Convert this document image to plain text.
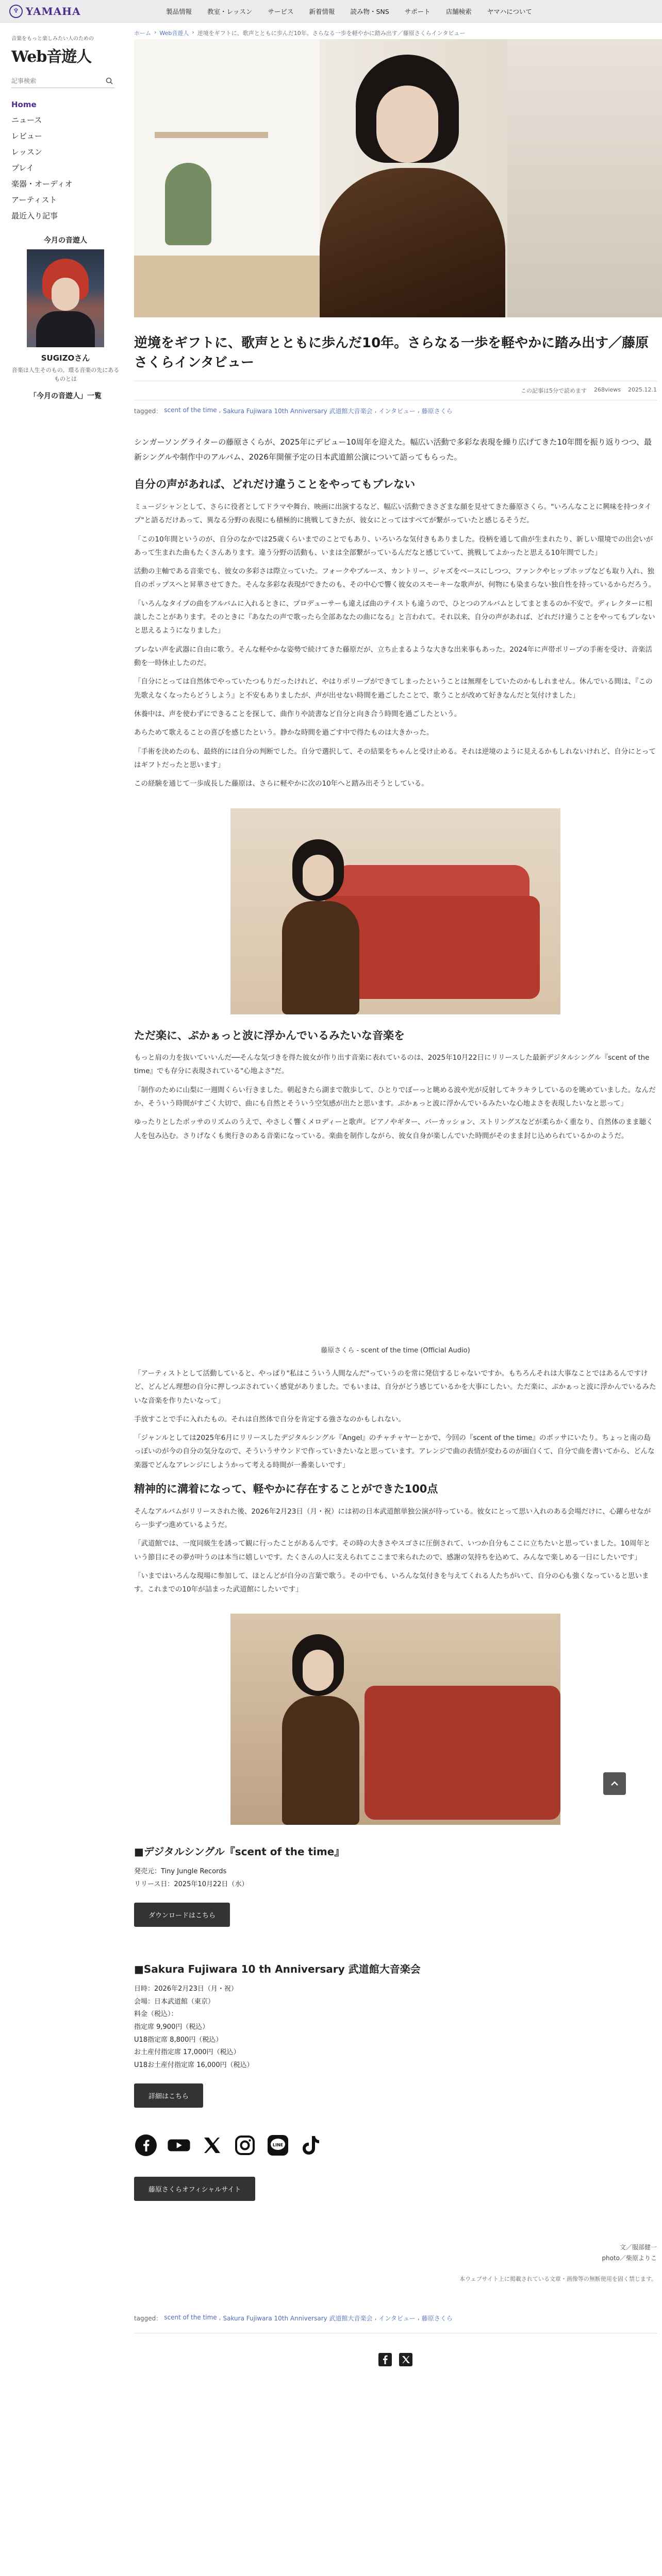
♆ YAMAHA	製品情報	教室・レッスン	サービス	新着情報	読み物・SNS	サポート	店舗検索	ヤマハについて
音楽をもっと楽しみたい人のための
Web音遊人
記事検索
Home
ニュース
レビュー
レッスン
プレイ
楽器・オーディオ
アーティスト
最近入り記事
今月の音遊人
SUGIZOさん
音楽は人生そのもの。環る音楽の先にあるものとは
「今月の音遊人」一覧
ホーム › Web音遊人 › 逆境をギフトに、歌声とともに歩んだ10年。さらなる一歩を軽やかに踏み出す／藤原さくらインタビュー
逆境をギフトに、歌声とともに歩んだ10年。さらなる一歩を軽やかに踏み出す／藤原さくらインタビュー
この記事は5分で読めます 268views 2025.12.1
tagged： scent of the time , Sakura Fujiwara 10th Anniversary 武道館大音楽会 , インタビュー , 藤原さくら

シンガーソングライターの藤原さくらが、2025年にデビュー10周年を迎えた。幅広い活動で多彩な表現を繰り広げてきた10年間を振り返りつつ、最新シングルや制作中のアルバム、2026年開催予定の日本武道館公演について語ってもらった。

自分の声があれば、どれだけ違うことをやってもブレない

ミュージシャンとして、さらに役者としてドラマや舞台、映画に出演するなど、幅広い活動できさざまな顔を見せてきた藤原さくら。"いろんなことに興味を持つタイプ"と語るだけあって、異なる分野の表現にも積極的に挑戦してきたが、彼女にとってはすべてが繋がっていたと感じるそうだ。

「この10年間というのが、自分のなかでは25歳くらいまでのことでもあり、いろいろな気付きもありました。役柄を通して曲が生まれたり、新しい環境での出会いがあって生まれた曲もたくさんあります。違う分野の活動も、いまは全部繋がっているんだなと感じていて、挑戦してよかったと思える10年間でした」

活動の主軸である音楽でも、彼女の多彩さは際立っていた。フォークやブルース、カントリー、ジャズをベースにしつつ、ファンクやヒップホップなども取り入れ、独自のポップスへと昇華させてきた。そんな多彩な表現ができたのも、その中心で響く彼女のスモーキーな歌声が、何物にも染まらない独自性を持っているからだろう。

「いろんなタイプの曲をアルバムに入れるときに、プロデューサーも違えば曲のテイストも違うので、ひとつのアルバムとしてまとまるのか不安で。ディレクターに相談したことがあります。そのときに『あなたの声で歌ったら全部あなたの曲になる』と言われて。それ以来、自分の声があれば、どれだけ違うことをやってもブレないと思えるようになりました」

ブレない声を武器に自由に歌う。そんな軽やかな姿勢で続けてきた藤原だが、立ち止まるような大きな出来事もあった。2024年に声帯ポリープの手術を受け、音楽活動を一時休止したのだ。

「自分にとっては自然体でやっていたつもりだったけれど、やはりポリープができてしまったということは無理をしていたのかもしれません。休んでいる間は、『この先歌えなくなったらどうしよう』と不安もありましたが、声が出せない時間を過ごしたことで、歌うことが改めて好きなんだと気付けました」

休養中は、声を使わずにできることを探して、曲作りや読書など自分と向き合う時間を過ごしたという。

あらためて歌えることの喜びを感じたという。静かな時間を過ごす中で得たものは大きかった。

「手術を決めたのも、最終的には自分の判断でした。自分で選択して、その結果をちゃんと受け止める。それは逆境のように見えるかもしれないけれど、自分にとってはギフトだったと思います」

この経験を通じて一歩成長した藤原は、さらに軽やかに次の10年へと踏み出そうとしている。

ただ楽に、ぷかぁっと波に浮かんでいるみたいな音楽を

もっと肩の力を抜いていいんだ──そんな気づきを得た彼女が作り出す音楽に表れているのは、2025年10月22日にリリースした最新デジタルシングル『scent of the time』でも存分に表現されている"心地よさ"だ。

「制作のために山梨に一週間くらい行きました。朝起きたら湖まで散歩して、ひとりでぼーっと眺める波や光が反射してキラキラしているのを眺めていました。なんだか、そういう時間がすごく大切で、曲にも自然とそういう空気感が出たと思います。ぷかぁっと波に浮かんでいるみたいな心地よさを表現したいなと思って」

ゆったりとしたボッサのリズムのうえで、やさしく響くメロディーと歌声。ピアノやギター、パーカッション、ストリングスなどが柔らかく重なり、自然体のまま聴く人を包み込む。さりげなくも奥行きのある音楽になっている。楽曲を制作しながら、彼女自身が楽しんでいた時間がそのまま封じ込められているかのようだ。

藤原さくら - scent of the time (Official Audio)

「アーティストとして活動していると、やっぱり"私はこういう人間なんだ"っていうのを常に発信するじゃないですか。もちろんそれは大事なことではあるんですけど、どんどん理想の自分に押しつぶされていく感覚がありました。でもいまは、自分がどう感じているかを大事にしたい。ただ楽に、ぷかぁっと波に浮かんでいるみたいな音楽を作りたいなって」

手放すことで手に入れたもの。それは自然体で自分を肯定する強さなのかもしれない。

「ジャンルとしては2025年6月にリリースしたデジタルシングル『Angel』のチャチャヤーとかで、今回の『scent of the time』のボッサにいたり。ちょっと南の島っぽいのが今の自分の気分なので、そういうサウンドで作っていきたいなと思っています。アレンジで曲の表情が変わるのが面白くて、自分で曲を書いてから、どんな楽器でどんなアレンジにしようかって考える時間が一番楽しいです」

精神的に溝着になって、軽やかに存在することができた100点

そんなアルバムがリリースされた後、2026年2月23日（月・祝）には初の日本武道館単独公演が待っている。彼女にとって思い入れのある会場だけに、心躍らせながら一歩ずつ進めているようだ。

「武道館では、一度同級生を誘って観に行ったことがあるんです。その時の大きさやスゴさに圧倒されて、いつか自分もここに立ちたいと思っていました。10周年という節目にその夢が叶うのは本当に嬉しいです。たくさんの人に支えられてここまで来られたので、感謝の気持ちを込めて、みんなで楽しめる一日にしたいです」

「いまではいろんな現場に参加して、ほとんどが自分の言葉で歌う。その中でも、いろんな気付きを与えてくれる人たちがいて、自分の心も強くなっていると思います。これまでの10年が詰まった武道館にしたいです」

■デジタルシングル『scent of the time』
発売元：Tiny Jungle Records
リリース日：2025年10月22日（水）
ダウンロードはこちら
■Sakura Fujiwara 10 th Anniversary 武道館大音楽会
日時：2026年2月23日（月・祝）
会場：日本武道館（東京）
料金（税込）：
指定席 9,900円（税込）
U18指定席 8,800円（税込）
お土産付指定席 17,000円（税込）
U18お土産付指定席 16,000円（税込）
詳細はこちら
LINE
藤原さくらオフィシャルサイト
文／服部健一
photo／柴原よりこ
本ウェブサイト上に掲載されている文章・画像等の無断使用を固く禁じます。
tagged： scent of the time , Sakura Fujiwara 10th Anniversary 武道館大音楽会 , インタビュー , 藤原さくら
